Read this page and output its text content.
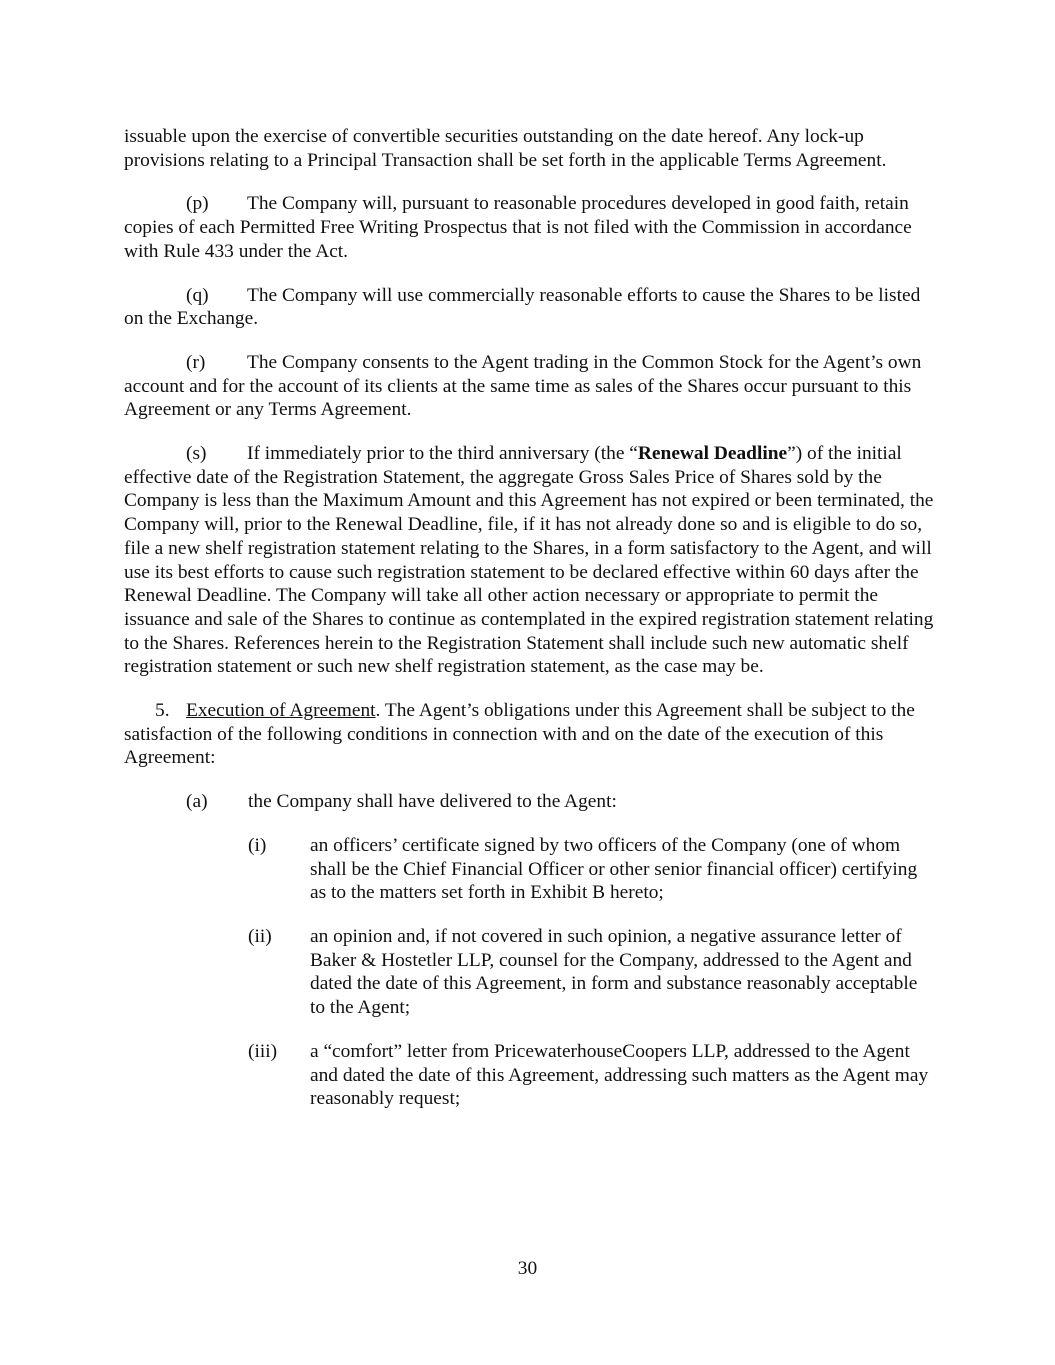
issuable upon the exercise of convertible securities outstanding on the date hereof. Any lock-up provisions relating to a Principal Transaction shall be set forth in the applicable Terms Agreement.

(p) The Company will, pursuant to reasonable procedures developed in good faith, retain copies of each Permitted Free Writing Prospectus that is not filed with the Commission in accordance with Rule 433 under the Act.

(q) The Company will use commercially reasonable efforts to cause the Shares to be listed on the Exchange.

(r) The Company consents to the Agent trading in the Common Stock for the Agent’s own account and for the account of its clients at the same time as sales of the Shares occur pursuant to this Agreement or any Terms Agreement.

(s) If immediately prior to the third anniversary (the “Renewal Deadline”) of the initial effective date of the Registration Statement, the aggregate Gross Sales Price of Shares sold by the Company is less than the Maximum Amount and this Agreement has not expired or been terminated, the Company will, prior to the Renewal Deadline, file, if it has not already done so and is eligible to do so, file a new shelf registration statement relating to the Shares, in a form satisfactory to the Agent, and will use its best efforts to cause such registration statement to be declared effective within 60 days after the Renewal Deadline. The Company will take all other action necessary or appropriate to permit the issuance and sale of the Shares to continue as contemplated in the expired registration statement relating to the Shares. References herein to the Registration Statement shall include such new automatic shelf registration statement or such new shelf registration statement, as the case may be.

5. Execution of Agreement. The Agent’s obligations under this Agreement shall be subject to the satisfaction of the following conditions in connection with and on the date of the execution of this Agreement:

(a) the Company shall have delivered to the Agent:
(i) an officers’ certificate signed by two officers of the Company (one of whom shall be the Chief Financial Officer or other senior financial officer) certifying as to the matters set forth in Exhibit B hereto;
(ii) an opinion and, if not covered in such opinion, a negative assurance letter of Baker & Hostetler LLP, counsel for the Company, addressed to the Agent and dated the date of this Agreement, in form and substance reasonably acceptable to the Agent;
(iii) a “comfort” letter from PricewaterhouseCoopers LLP, addressed to the Agent and dated the date of this Agreement, addressing such matters as the Agent may reasonably request;
30
